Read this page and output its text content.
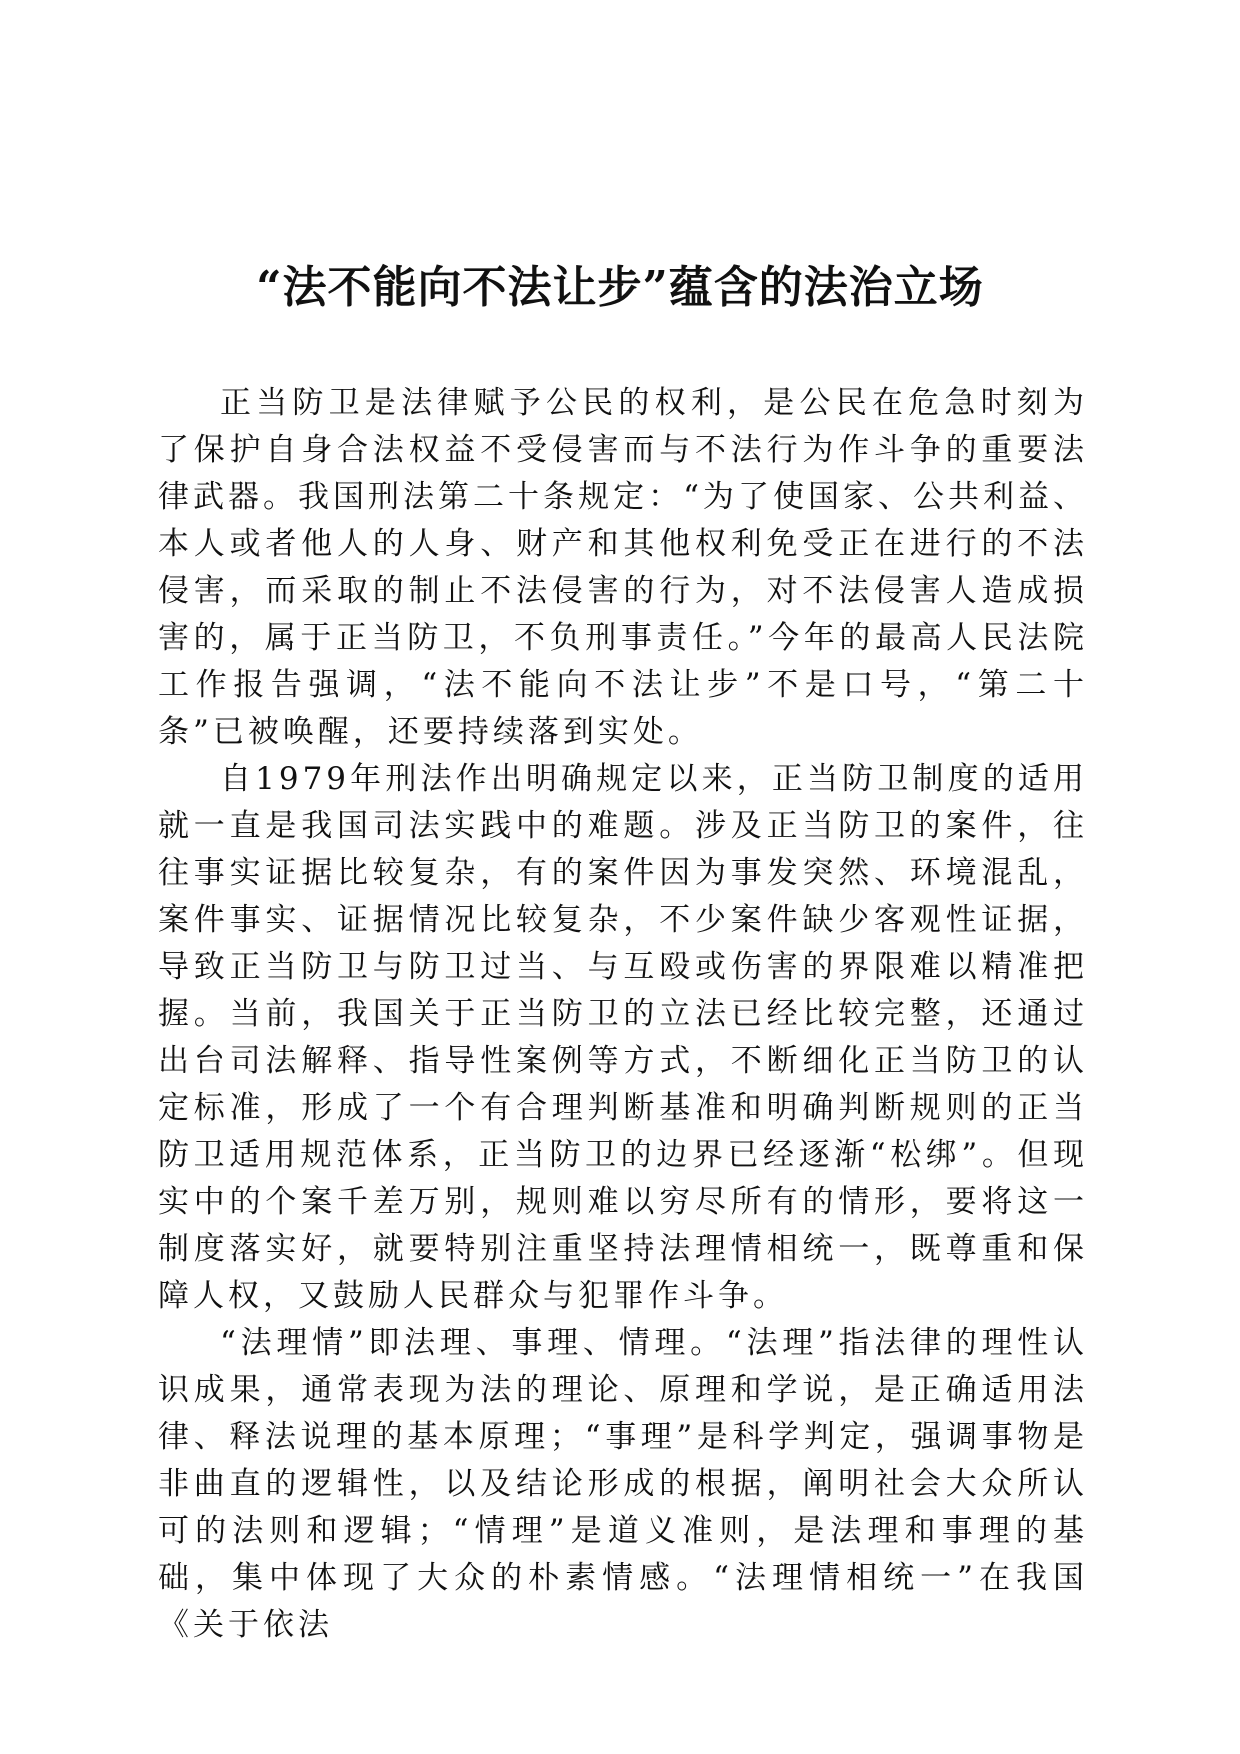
“法不能向不法让步”蕴含的法治立场

正当防卫是法律赋予公民的权利，是公民在危急时刻为了保护自身合法权益不受侵害而与不法行为作斗争的重要法律武器。我国刑法第二十条规定：“为了使国家、公共利益、本人或者他人的人身、财产和其他权利免受正在进行的不法侵害，而采取的制止不法侵害的行为，对不法侵害人造成损害的，属于正当防卫，不负刑事责任。”今年的最高人民法院工作报告强调，“法不能向不法让步”不是口号，“第二十条”已被唤醒，还要持续落到实处。

自1979年刑法作出明确规定以来，正当防卫制度的适用就一直是我国司法实践中的难题。涉及正当防卫的案件，往往事实证据比较复杂，有的案件因为事发突然、环境混乱，案件事实、证据情况比较复杂，不少案件缺少客观性证据，导致正当防卫与防卫过当、与互殴或伤害的界限难以精准把握。当前，我国关于正当防卫的立法已经比较完整，还通过出台司法解释、指导性案例等方式，不断细化正当防卫的认定标准，形成了一个有合理判断基准和明确判断规则的正当防卫适用规范体系，正当防卫的边界已经逐渐“松绑”。但现实中的个案千差万别，规则难以穷尽所有的情形，要将这一制度落实好，就要特别注重坚持法理情相统一，既尊重和保障人权，又鼓励人民群众与犯罪作斗争。

“法理情”即法理、事理、情理。“法理”指法律的理性认识成果，通常表现为法的理论、原理和学说，是正确适用法律、释法说理的基本原理；“事理”是科学判定，强调事物是非曲直的逻辑性，以及结论形成的根据，阐明社会大众所认可的法则和逻辑；“情理”是道义准则，是法理和事理的基础，集中体现了大众的朴素情感。“法理情相统一”在我国《关于依法
